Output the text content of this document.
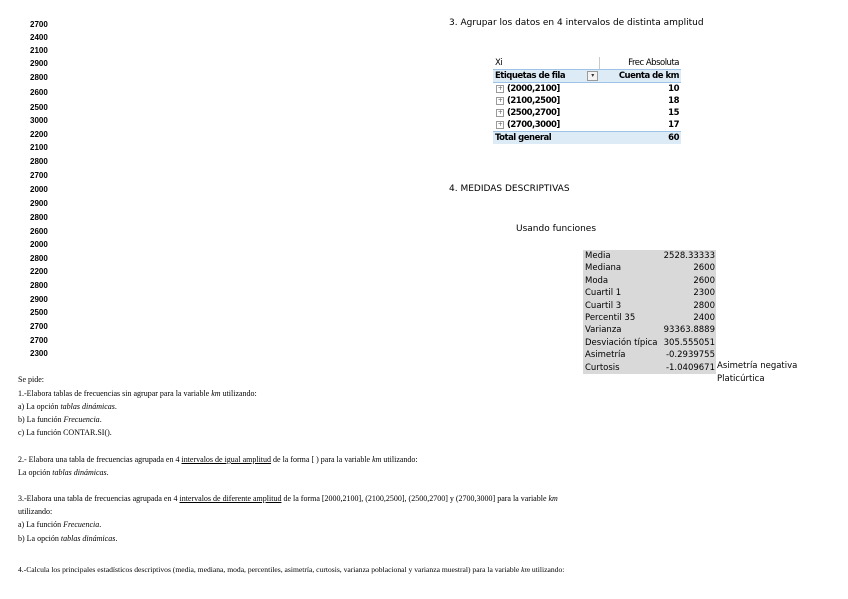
2700
2400
2100
2900
2800
2600
2500
3000
2200
2100
2800
2700
2000
2900
2800
2600
2000
2800
2200
2800
2900
2500
2700
2700
2300
3. Agrupar los datos en 4 intervalos de distinta amplitud
Xi	Frec Absoluta
Etiquetas de fila	▾	Cuenta de km
+ (2000,2100]	10
+ (2100,2500]	18
+ (2500,2700]	15
+ (2700,3000]	17
Total general	60
4. MEDIDAS DESCRIPTIVAS
Usando funciones
Media	2528.33333
Mediana	2600
Moda	2600
Cuartil 1	2300
Cuartil 3	2800
Percentil 35	2400
Varianza	93363.8889
Desviación típica 305.555051
Asimetría	-0.2939755
Curtosis	-1.0409671 Asimetría negativa
Platicúrtica
Se pide:
1.-Elabora tablas de frecuencias sin agrupar para la variable km utilizando:
a) La opción tablas dinámicas.
b) La función Frecuencia.
c) La función CONTAR.SI().
2.- Elabora una tabla de frecuencias agrupada en 4 intervalos de igual amplitud de la forma [ ) para la variable km utilizando:
La opción tablas dinámicas.
3.-Elabora una tabla de frecuencias agrupada en 4 intervalos de diferente amplitud de la forma [2000,2100], (2100,2500], (2500,2700] y (2700,3000] para la variable km
utilizando:
a) La función Frecuencia.
b) La opción tablas dinámicas.
4.-Calcula los principales estadísticos descriptivos (media, mediana, moda, percentiles, asimetría, curtosis, varianza poblacional y varianza muestral) para la variable km utilizando:
